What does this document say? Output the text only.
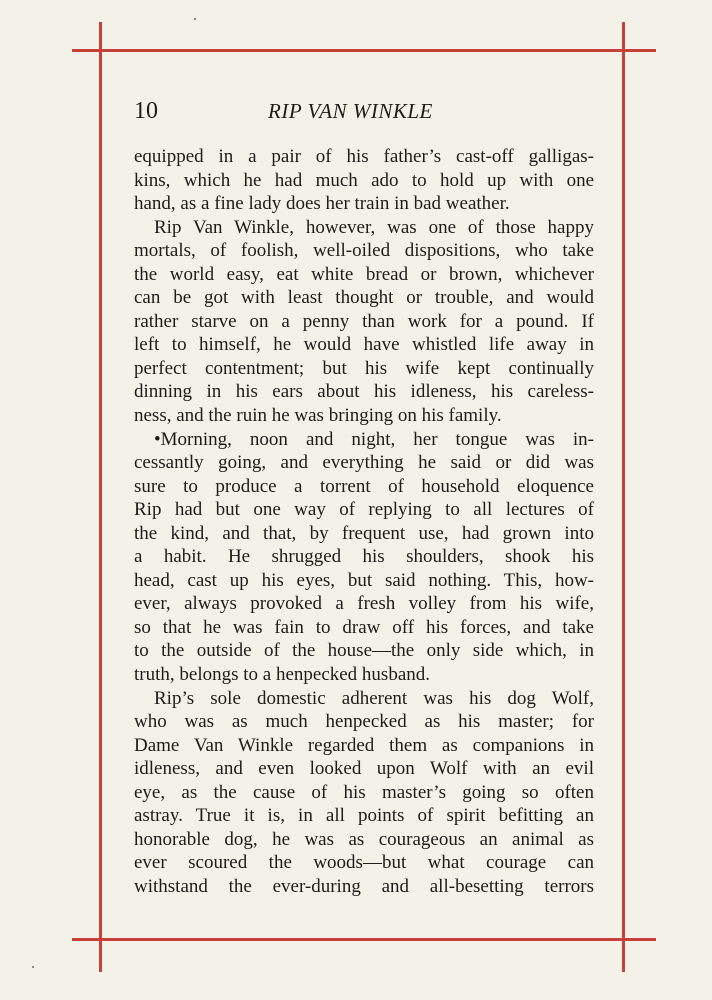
10	RIP VAN WINKLE
equipped in a pair of his father’s cast-off galligas-
kins, which he had much ado to hold up with one
hand, as a fine lady does her train in bad weather.
Rip Van Winkle, however, was one of those happy
mortals, of foolish, well-oiled dispositions, who take
the world easy, eat white bread or brown, whichever
can be got with least thought or trouble, and would
rather starve on a penny than work for a pound. If
left to himself, he would have whistled life away in
perfect contentment; but his wife kept continually
dinning in his ears about his idleness, his careless-
ness, and the ruin he was bringing on his family.
•Morning, noon and night, her tongue was in-
cessantly going, and everything he said or did was
sure to produce a torrent of household eloquence
Rip had but one way of replying to all lectures of
the kind, and that, by frequent use, had grown into
a habit. He shrugged his shoulders, shook his
head, cast up his eyes, but said nothing. This, how-
ever, always provoked a fresh volley from his wife,
so that he was fain to draw off his forces, and take
to the outside of the house—the only side which, in
truth, belongs to a henpecked husband.
Rip’s sole domestic adherent was his dog Wolf,
who was as much henpecked as his master; for
Dame Van Winkle regarded them as companions in
idleness, and even looked upon Wolf with an evil
eye, as the cause of his master’s going so often
astray. True it is, in all points of spirit befitting an
honorable dog, he was as courageous an animal as
ever scoured the woods—but what courage can
withstand the ever-during and all-besetting terrors
